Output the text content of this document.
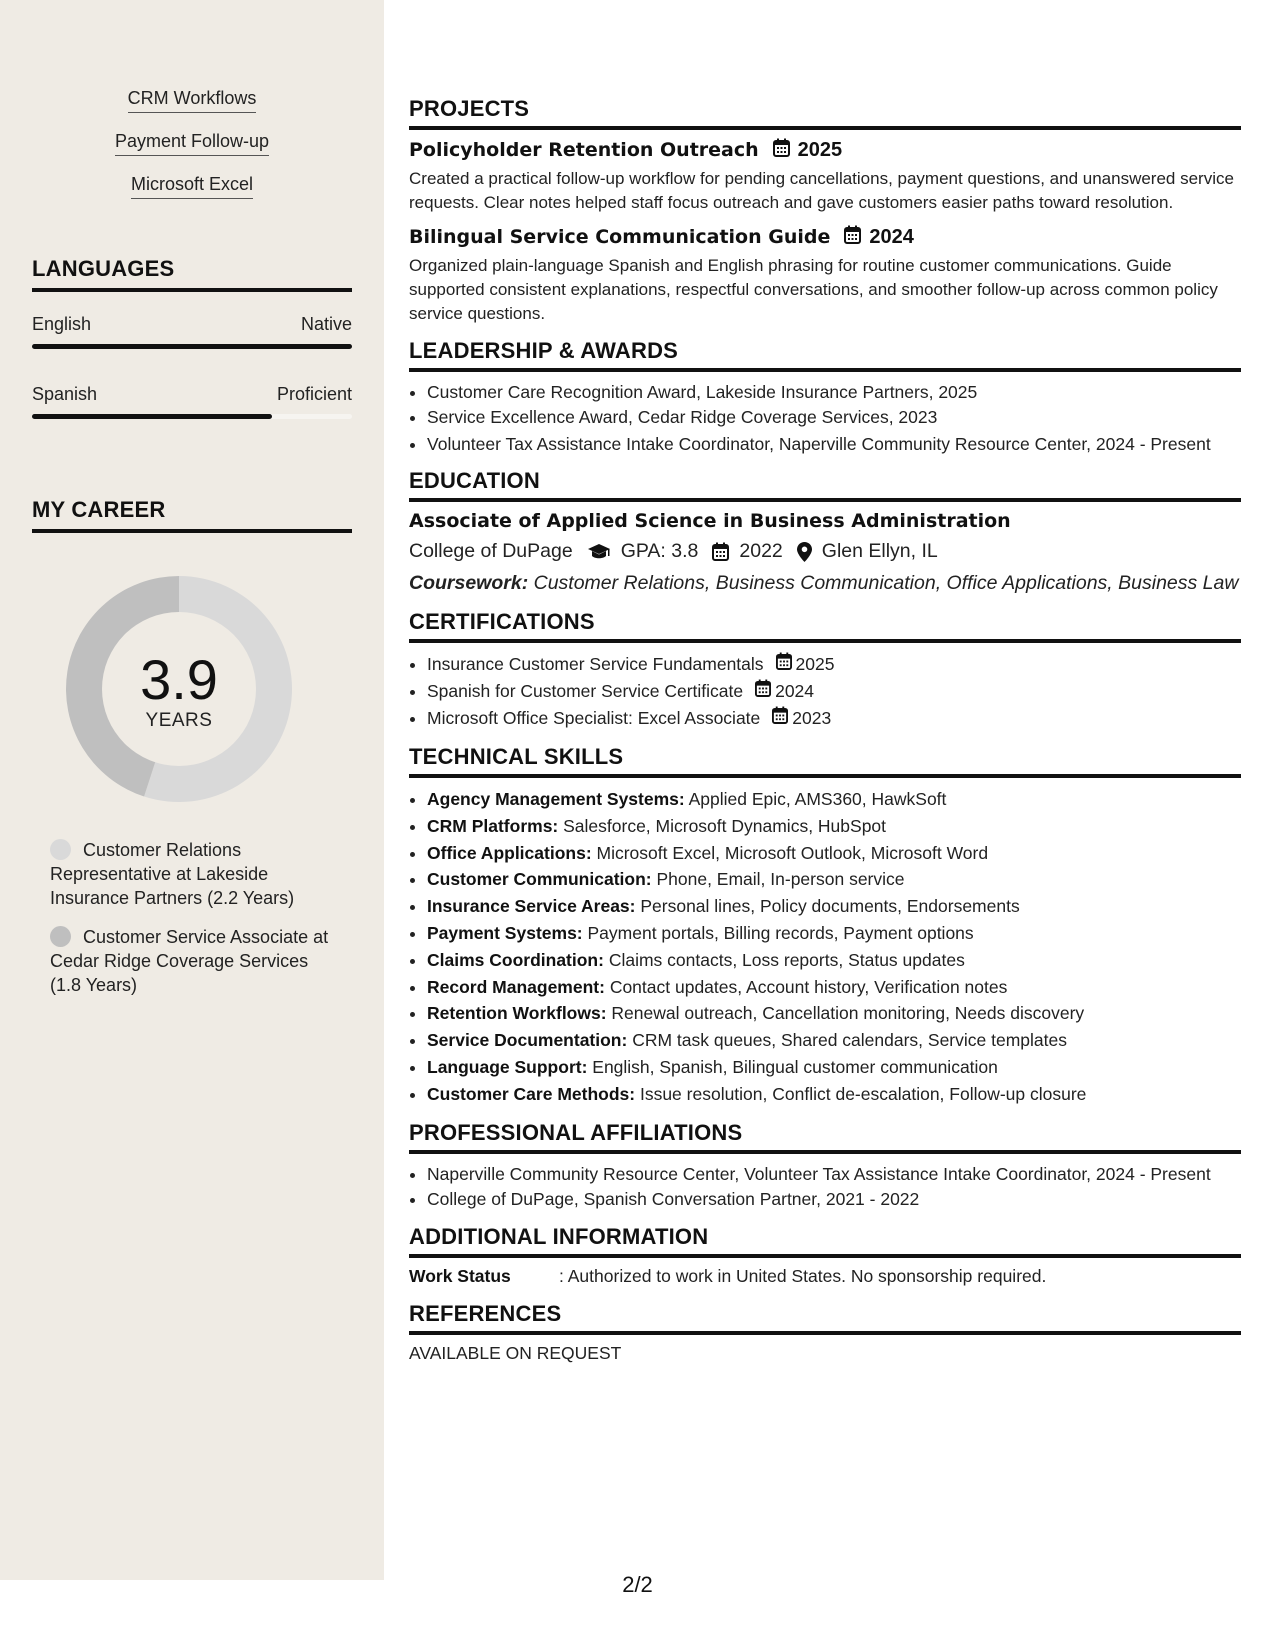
CRM Workflows
Payment Follow-up
Microsoft Excel
LANGUAGES
English	Native
Spanish	Proficient
MY CAREER
3.9
YEARS
Customer Relations Representative at Lakeside Insurance Partners (2.2 Years)
Customer Service Associate at Cedar Ridge Coverage Services (1.8 Years)
PROJECTS
Policyholder Retention Outreach 2025
Created a practical follow-up workflow for pending cancellations, payment questions, and unanswered service requests. Clear notes helped staff focus outreach and gave customers easier paths toward resolution.
Bilingual Service Communication Guide 2024
Organized plain-language Spanish and English phrasing for routine customer communications. Guide supported consistent explanations, respectful conversations, and smoother follow-up across common policy service questions.
LEADERSHIP & AWARDS
• Customer Care Recognition Award, Lakeside Insurance Partners, 2025
• Service Excellence Award, Cedar Ridge Coverage Services, 2023
• Volunteer Tax Assistance Intake Coordinator, Naperville Community Resource Center, 2024 - Present
EDUCATION
Associate of Applied Science in Business Administration
College of DuPage GPA: 3.8 2022 Glen Ellyn, IL
Coursework: Customer Relations, Business Communication, Office Applications, Business Law
CERTIFICATIONS
• Insurance Customer Service Fundamentals 2025
• Spanish for Customer Service Certificate 2024
• Microsoft Office Specialist: Excel Associate 2023
TECHNICAL SKILLS
• Agency Management Systems: Applied Epic, AMS360, HawkSoft
• CRM Platforms: Salesforce, Microsoft Dynamics, HubSpot
• Office Applications: Microsoft Excel, Microsoft Outlook, Microsoft Word
• Customer Communication: Phone, Email, In-person service
• Insurance Service Areas: Personal lines, Policy documents, Endorsements
• Payment Systems: Payment portals, Billing records, Payment options
• Claims Coordination: Claims contacts, Loss reports, Status updates
• Record Management: Contact updates, Account history, Verification notes
• Retention Workflows: Renewal outreach, Cancellation monitoring, Needs discovery
• Service Documentation: CRM task queues, Shared calendars, Service templates
• Language Support: English, Spanish, Bilingual customer communication
• Customer Care Methods: Issue resolution, Conflict de-escalation, Follow-up closure
PROFESSIONAL AFFILIATIONS
• Naperville Community Resource Center, Volunteer Tax Assistance Intake Coordinator, 2024 - Present
• College of DuPage, Spanish Conversation Partner, 2021 - 2022
ADDITIONAL INFORMATION
Work Status	: Authorized to work in United States. No sponsorship required.
REFERENCES
AVAILABLE ON REQUEST
2/2
